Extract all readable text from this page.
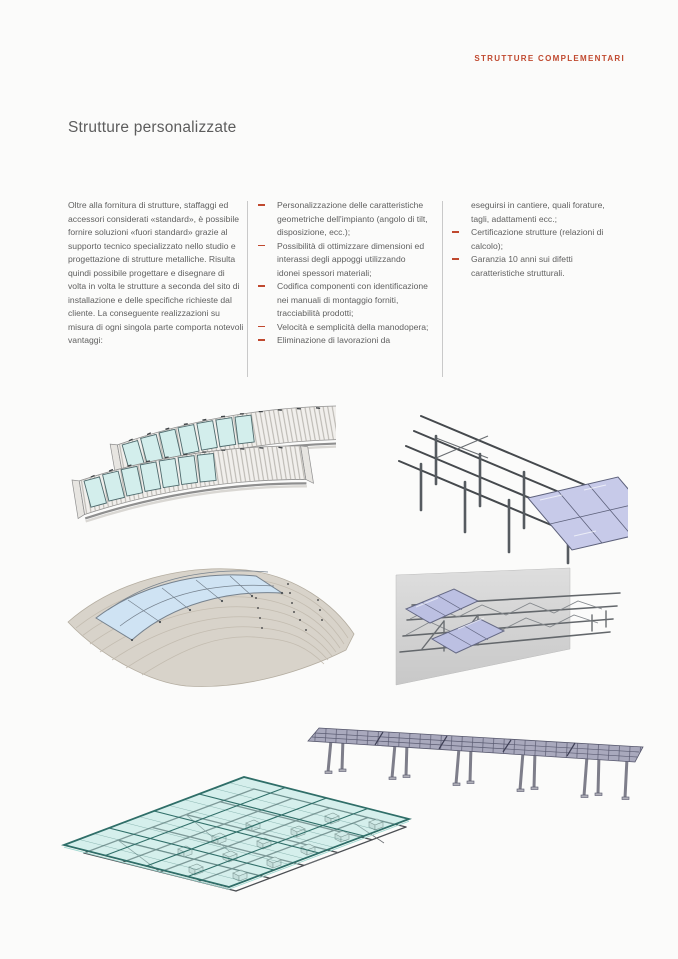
STRUTTURE COMPLEMENTARI
Strutture personalizzate
Oltre alla fornitura di strutture, staffaggi ed accessori considerati «standard», è possibile fornire soluzioni «fuori standard» grazie al supporto tecnico specializzato nello studio e progettazione di strutture metalliche. Risulta quindi possibile progettare e disegnare di volta in volta le strutture a seconda del sito di installazione e delle specifiche richieste dal cliente. La conseguente realizzazioni su misura di ogni singola parte comporta notevoli vantaggi:
Personalizzazione delle caratteristiche geometriche dell'impianto (angolo di tilt, disposizione, ecc.);
Possibilità di ottimizzare dimensioni ed interassi degli appoggi utilizzando idonei spessori materiali;
Codifica componenti con identificazione nei manuali di montaggio forniti, tracciabilità prodotti;
Velocità e semplicità della manodopera;
Eliminazione di lavorazioni da
eseguirsi in cantiere, quali forature, tagli, adattamenti ecc.;
Certificazione strutture (relazioni di calcolo);
Garanzia 10 anni sui difetti caratteristiche strutturali.
